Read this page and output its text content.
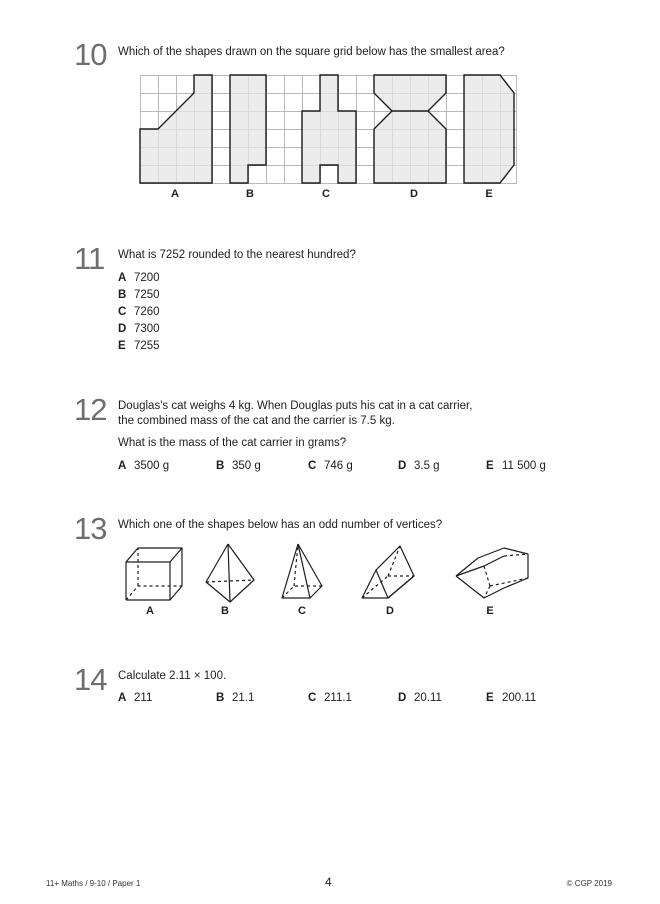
10 Which of the shapes drawn on the square grid below has the smallest area?
A	B	C	D	E
11 What is 7252 rounded to the nearest hundred?
A 7200
B 7250
C 7260
D 7300
E 7255
12 Douglas's cat weighs 4 kg. When Douglas puts his cat in a cat carrier,
the combined mass of the cat and the carrier is 7.5 kg.
What is the mass of the cat carrier in grams?
A 3500 g	B 350 g	C 746 g	D 3.5 g	E 11 500 g
13 Which one of the shapes below has an odd number of vertices?
A	B	C	D	E
14 Calculate 2.11 × 100.
A 211	B 21.1	C 211.1	D 20.11	E 200.11
11+ Maths / 9-10 / Paper 1	4	© CGP 2019
